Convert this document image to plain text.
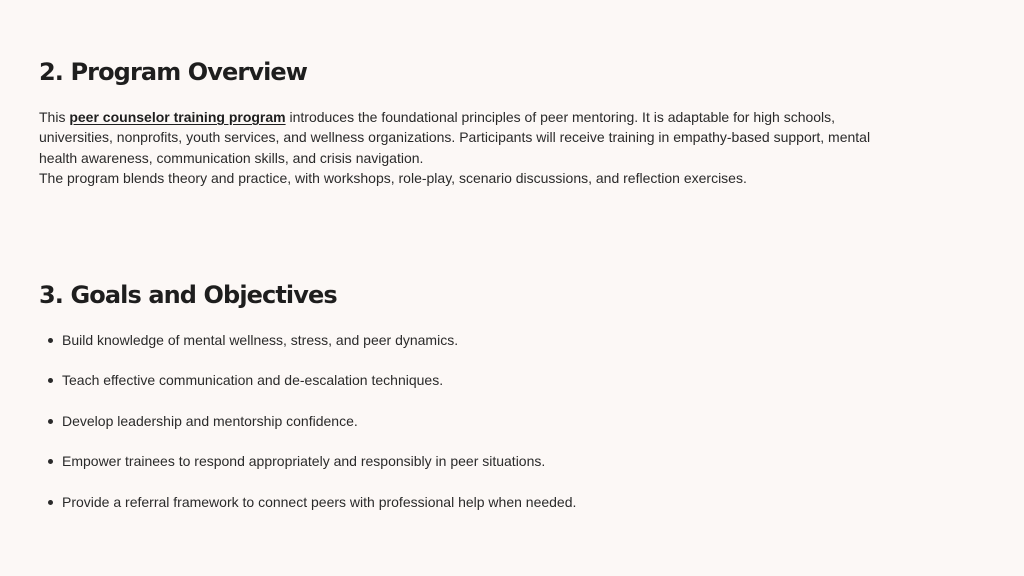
2. Program Overview

This peer counselor training program introduces the foundational principles of peer mentoring. It is adaptable for high schools, universities, nonprofits, youth services, and wellness organizations. Participants will receive training in empathy-based support, mental health awareness, communication skills, and crisis navigation.

The program blends theory and practice, with workshops, role-play, scenario discussions, and reflection exercises.

3. Goals and Objectives
Build knowledge of mental wellness, stress, and peer dynamics.
Teach effective communication and de-escalation techniques.
Develop leadership and mentorship confidence.
Empower trainees to respond appropriately and responsibly in peer situations.
Provide a referral framework to connect peers with professional help when needed.
